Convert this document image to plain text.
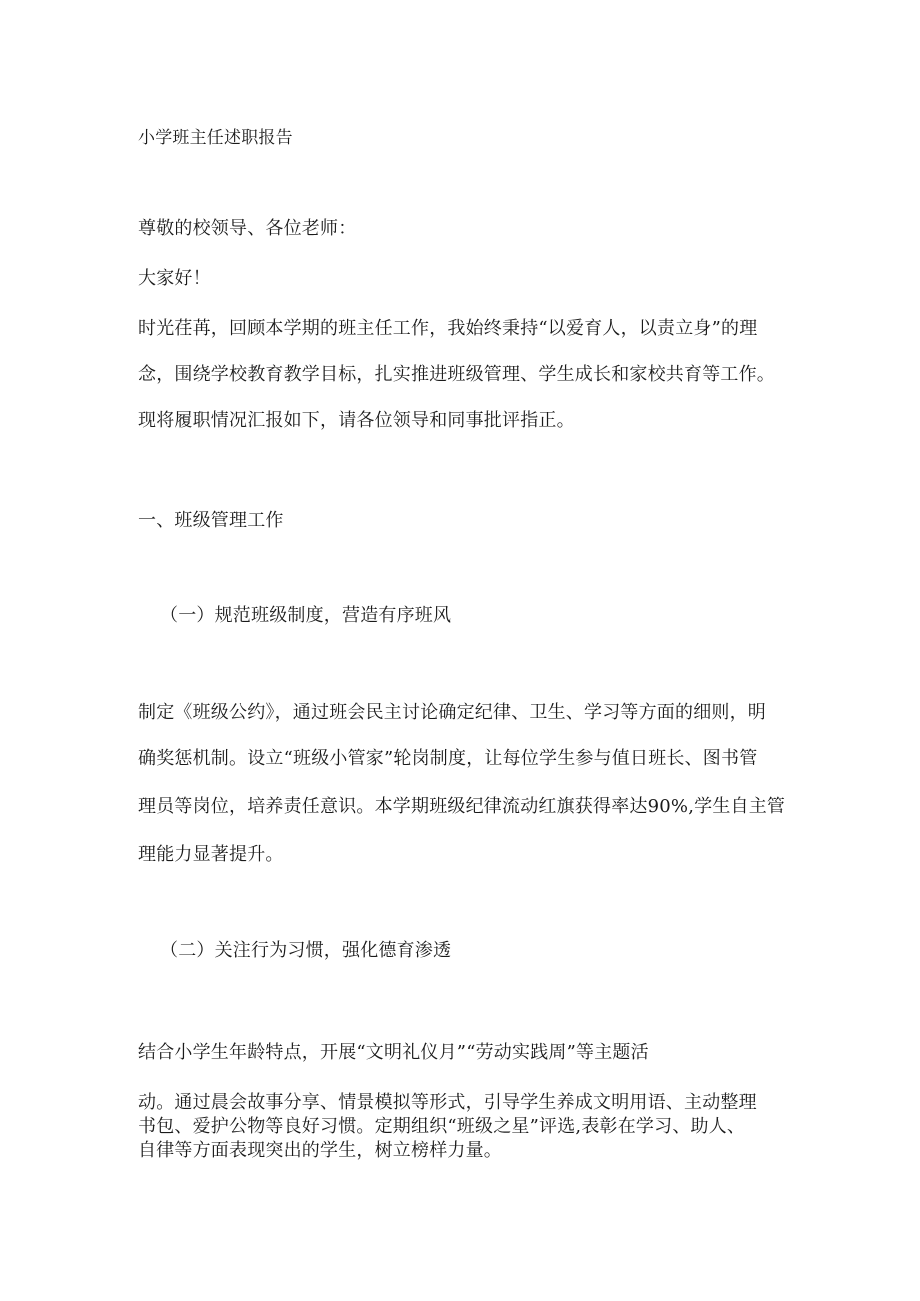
小学班主任述职报告

尊敬的校领导、各位老师：

大家好！

时光荏苒，回顾本学期的班主任工作，我始终秉持“以爱育人，以责立身”的理

念，围绕学校教育教学目标，扎实推进班级管理、学生成长和家校共育等工作。

现将履职情况汇报如下，请各位领导和同事批评指正。

一、班级管理工作

（一）规范班级制度，营造有序班风

制定《班级公约》，通过班会民主讨论确定纪律、卫生、学习等方面的细则，明

确奖惩机制。设立“班级小管家”轮岗制度，让每位学生参与值日班长、图书管

理员等岗位，培养责任意识。本学期班级纪律流动红旗获得率达90%,学生自主管

理能力显著提升。

（二）关注行为习惯，强化德育渗透

结合小学生年龄特点，开展“文明礼仪月”“劳动实践周”等主题活

动。通过晨会故事分享、情景模拟等形式，引导学生养成文明用语、主动整理

书包、爱护公物等良好习惯。定期组织“班级之星”评选,表彰在学习、助人、

自律等方面表现突出的学生，树立榜样力量。
